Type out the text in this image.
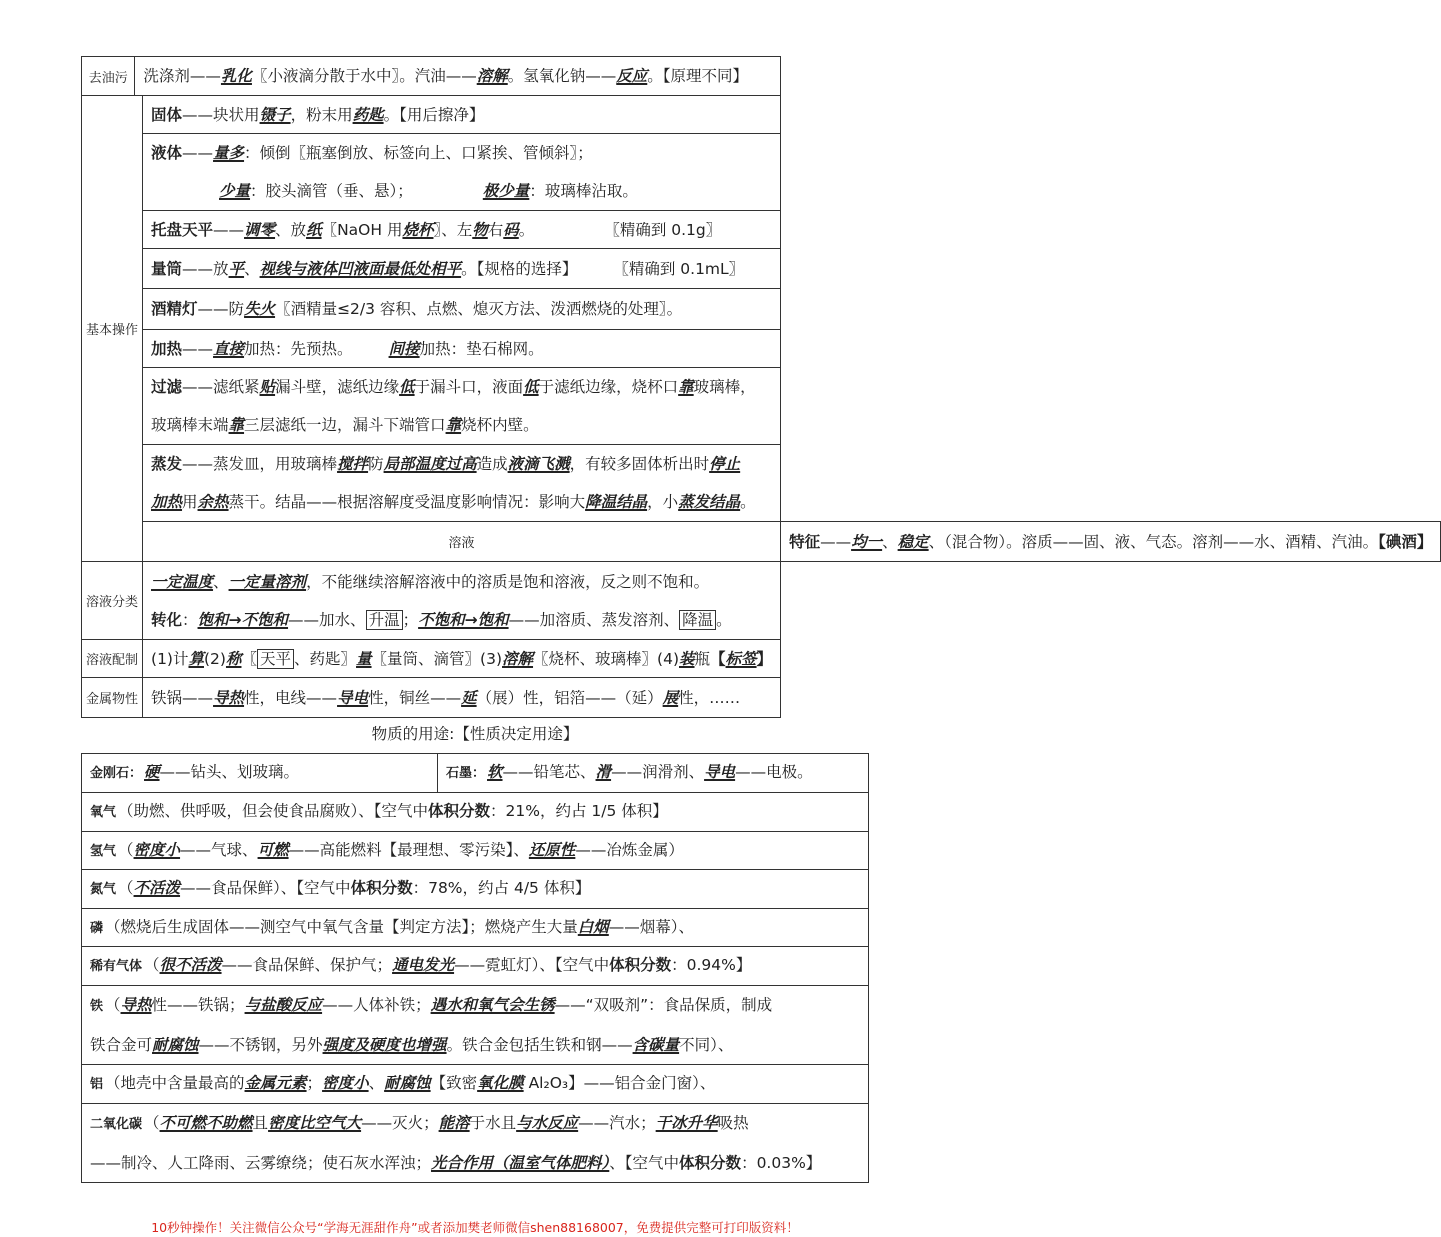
去油污	洗涤剂——乳化〖小液滴分散于水中〗。汽油——溶解。氢氧化钠——反应。【原理不同】		
基本操作		固体——块状用镊子，粉末用药匙。【用后擦净】	

		液体——量多：倾倒〖瓶塞倒放、标签向上、口紧挨、管倾斜〗；
少量：胶头滴管（垂、悬）； 极少量：玻璃棒沾取。	

		托盘天平——调零、放纸〖NaOH 用烧杯〗、左物右码。 〖精确到 0.1g〗	
		量筒——放平、视线与液体凹液面最低处相平。【规格的选择】 〖精确到 0.1mL〗	
		酒精灯——防失火〖酒精量≤2/3 容积、点燃、熄灭方法、泼洒燃烧的处理〗。	
		加热——直接加热：先预热。 间接加热：垫石棉网。	

		过滤——滤纸紧贴漏斗壁，滤纸边缘低于漏斗口，液面低于滤纸边缘，烧杯口靠玻璃棒，
玻璃棒末端靠三层滤纸一边，漏斗下端管口靠烧杯内壁。	

		蒸发——蒸发皿，用玻璃棒搅拌防局部温度过高造成液滴飞溅，有较多固体析出时停止
加热用余热蒸干。结晶——根据溶解度受温度影响情况：影响大降温结晶，小蒸发结晶。	

		溶液	特征——均一、稳定、（混合物）。溶质——固、液、气态。溶剂——水、酒精、汽油。【碘酒】
溶液分类		一定温度、一定量溶剂，不能继续溶解溶液中的溶质是饱和溶液，反之则不饱和。
转化：饱和→不饱和——加水、 升温 ；不饱和→饱和——加溶质、蒸发溶剂、 降温 。	

溶液配制		(1)计算(2)称〖 天平 、药匙〗量〖量筒、滴管〗(3)溶解〖烧杯、玻璃棒〗(4)装瓶【标签】	
金属物性		铁锅——导热性，电线——导电性，铜丝——延（展）性，铝箔——（延）展性，……	
物质的用途:【性质决定用途】
金刚石： 硬——钻头、划玻璃。	石墨： 软——铅笔芯、滑——润滑剂、导电——电极。
氧气 （助燃、供呼吸，但会使食品腐败）、【空气中体积分数：21%，约占 1/5 体积】
氢气 （密度小——气球、可燃——高能燃料【最理想、零污染】、还原性——冶炼金属）
氮气 （不活泼——食品保鲜）、【空气中体积分数：78%，约占 4/5 体积】
磷 （燃烧后生成固体——测空气中氧气含量【判定方法】；燃烧产生大量白烟——烟幕）、
稀有气体 （很不活泼——食品保鲜、保护气；通电发光——霓虹灯）、【空气中体积分数：0.94%】

铁 （导热性——铁锅；与盐酸反应——人体补铁；遇水和氧气会生锈——“双吸剂”：食品保质，制成
铁合金可耐腐蚀——不锈钢，另外强度及硬度也增强。铁合金包括生铁和钢——含碳量不同）、

铝 （地壳中含量最高的金属元素；密度小、耐腐蚀【致密氧化膜 Al₂O₃】——铝合金门窗）、

二氧化碳 （不可燃不助燃且密度比空气大——灭火；能溶于水且与水反应——汽水；干冰升华吸热
——制冷、人工降雨、云雾缭绕；使石灰水浑浊；光合作用（温室气体肥料）、【空气中体积分数：0.03%】
10秒钟操作！关注微信公众号“学海无涯甜作舟”或者添加樊老师微信shen88168007，免费提供完整可打印版资料！
